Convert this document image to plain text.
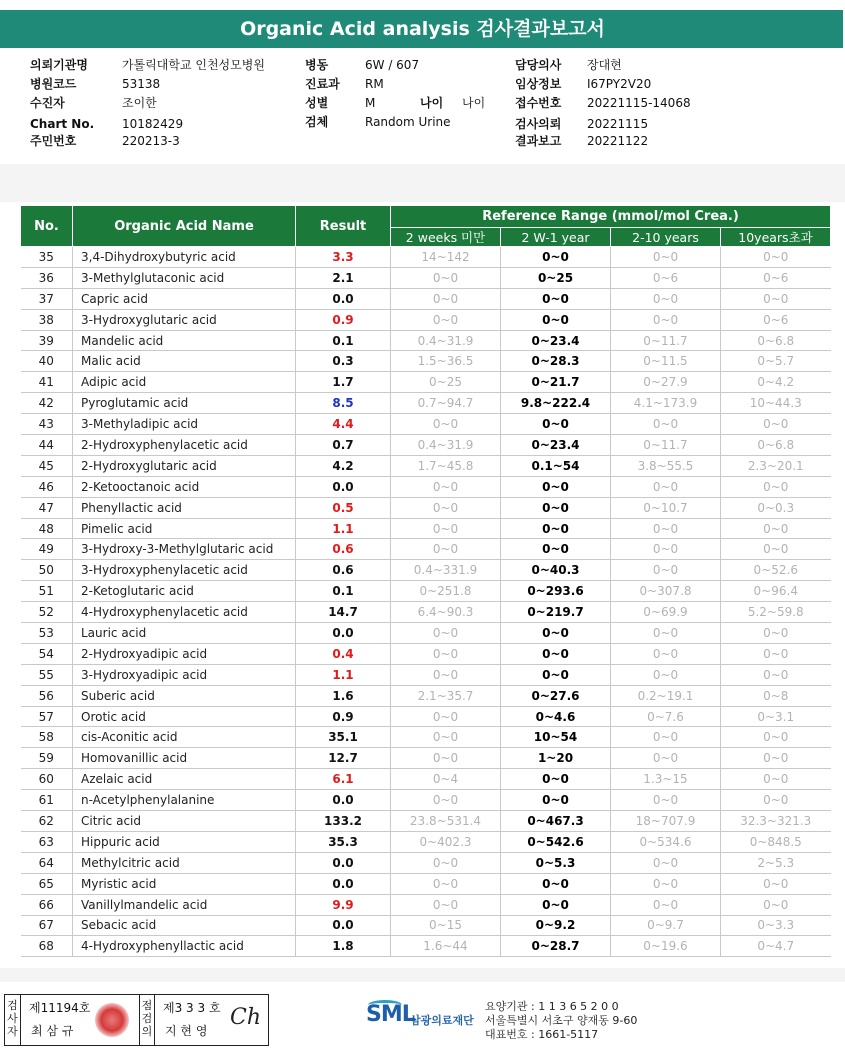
Organic Acid analysis 검사결과보고서
의뢰기관명	가톨릭대학교 인천성모병원
병원코드	53138
수진자	조이한
Chart No. 10182429
주민번호	220213-3
병동	6W / 607
진료과 RM
성별	M
검체	Random Urine
담당의사 장대현
임상정보 I67PY2V20
접수번호 20221115-14068
검사의뢰 20221115
결과보고 20221122
나이 나이
No.	Organic Acid Name	Result	Reference Range (mmol/mol Crea.)			
			2 weeks 미만	2 W-1 year	2-10 years	10years초과
35	3,4-Dihydroxybutyric acid	3.3	14~142	0~0	0~0	0~0
36	3-Methylglutaconic acid	2.1	0~0	0~25	0~6	0~6
37	Capric acid	0.0	0~0	0~0	0~0	0~0
38	3-Hydroxyglutaric acid	0.9	0~0	0~0	0~0	0~6
39	Mandelic acid	0.1	0.4~31.9	0~23.4	0~11.7	0~6.8
40	Malic acid	0.3	1.5~36.5	0~28.3	0~11.5	0~5.7
41	Adipic acid	1.7	0~25	0~21.7	0~27.9	0~4.2
42	Pyroglutamic acid	8.5	0.7~94.7	9.8~222.4	4.1~173.9	10~44.3
43	3-Methyladipic acid	4.4	0~0	0~0	0~0	0~0
44	2-Hydroxyphenylacetic acid	0.7	0.4~31.9	0~23.4	0~11.7	0~6.8
45	2-Hydroxyglutaric acid	4.2	1.7~45.8	0.1~54	3.8~55.5	2.3~20.1
46	2-Ketooctanoic acid	0.0	0~0	0~0	0~0	0~0
47	Phenyllactic acid	0.5	0~0	0~0	0~10.7	0~0.3
48	Pimelic acid	1.1	0~0	0~0	0~0	0~0
49	3-Hydroxy-3-Methylglutaric acid	0.6	0~0	0~0	0~0	0~0
50	3-Hydroxyphenylacetic acid	0.6	0.4~331.9	0~40.3	0~0	0~52.6
51	2-Ketoglutaric acid	0.1	0~251.8	0~293.6	0~307.8	0~96.4
52	4-Hydroxyphenylacetic acid	14.7	6.4~90.3	0~219.7	0~69.9	5.2~59.8
53	Lauric acid	0.0	0~0	0~0	0~0	0~0
54	2-Hydroxyadipic acid	0.4	0~0	0~0	0~0	0~0
55	3-Hydroxyadipic acid	1.1	0~0	0~0	0~0	0~0
56	Suberic acid	1.6	2.1~35.7	0~27.6	0.2~19.1	0~8
57	Orotic acid	0.9	0~0	0~4.6	0~7.6	0~3.1
58	cis-Aconitic acid	35.1	0~0	10~54	0~0	0~0
59	Homovanillic acid	12.7	0~0	1~20	0~0	0~0
60	Azelaic acid	6.1	0~4	0~0	1.3~15	0~0
61	n-Acetylphenylalanine	0.0	0~0	0~0	0~0	0~0
62	Citric acid	133.2	23.8~531.4	0~467.3	18~707.9	32.3~321.3
63	Hippuric acid	35.3	0~402.3	0~542.6	0~534.6	0~848.5
64	Methylcitric acid	0.0	0~0	0~5.3	0~0	2~5.3
65	Myristic acid	0.0	0~0	0~0	0~0	0~0
66	Vanillylmandelic acid	9.9	0~0	0~0	0~0	0~0
67	Sebacic acid	0.0	0~15	0~9.2	0~9.7	0~3.3
68	4-Hydroxyphenyllactic acid	1.8	1.6~44	0~28.7	0~19.6	0~4.7
검사자
제11194호
최 삼 규
점검의
제3 3 3 호
지 현 영
Ch	SML
삼광의료재단
요양기관 : 1 1 3 6 5 2 0 0
서울특별시 서초구 양재동 9-60
대표번호 : 1661-5117
